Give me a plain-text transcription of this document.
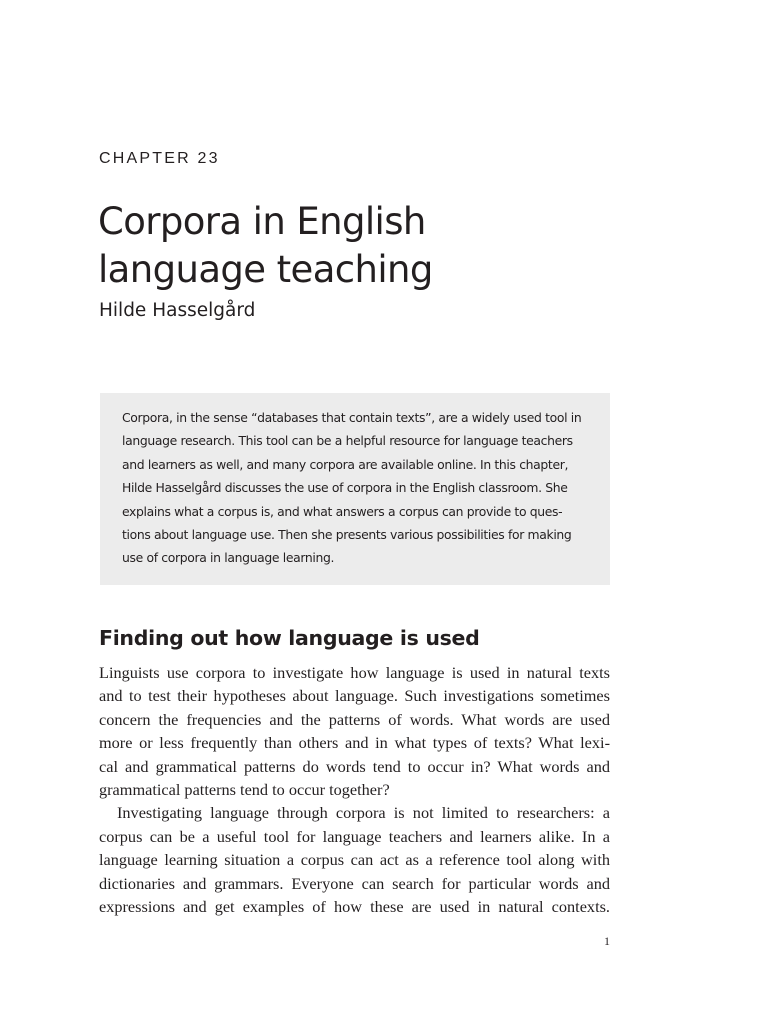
CHAPTER 23
Corpora in English
language teaching
Hilde Hasselgård
Corpora, in the sense “databases that contain texts”, are a widely used tool in
language research. This tool can be a helpful resource for language teachers
and learners as well, and many corpora are available online. In this chapter,
Hilde Hasselgård discusses the use of corpora in the English classroom. She
explains what a corpus is, and what answers a corpus can provide to ques-
tions about language use. Then she presents various possibilities for making
use of corpora in language learning.
Finding out how language is used
Linguists use corpora to investigate how language is used in natural texts
and to test their hypotheses about language. Such investigations sometimes
concern the frequencies and the patterns of words. What words are used
more or less frequently than others and in what types of texts? What lexi-
cal and grammatical patterns do words tend to occur in? What words and
grammatical patterns tend to occur together?
Investigating language through corpora is not limited to researchers: a
corpus can be a useful tool for language teachers and learners alike. In a
language learning situation a corpus can act as a reference tool along with
dictionaries and grammars. Everyone can search for particular words and
expressions and get examples of how these are used in natural contexts.
1
